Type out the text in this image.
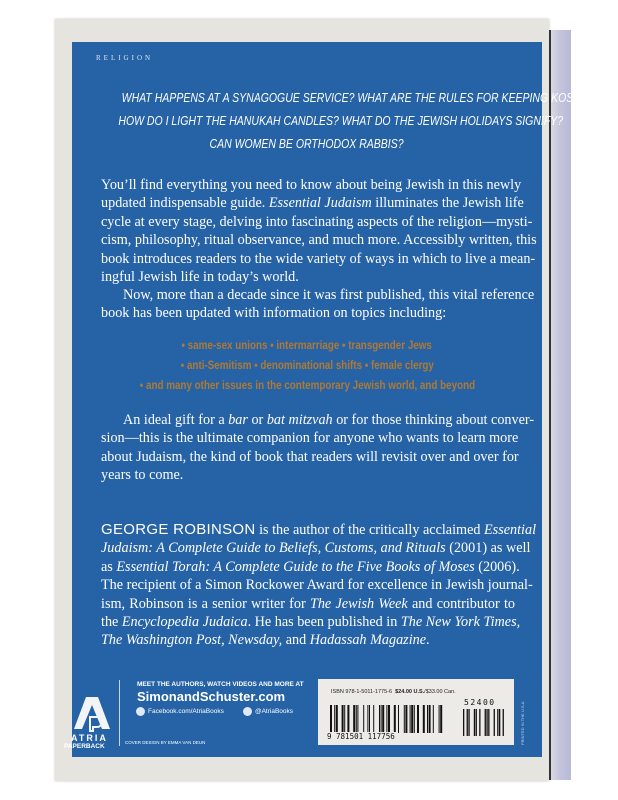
RELIGION
WHAT HAPPENS AT A SYNAGOGUE SERVICE? WHAT ARE THE RULES FOR KEEPING KOSHER?
HOW DO I LIGHT THE HANUKAH CANDLES? WHAT DO THE JEWISH HOLIDAYS SIGNIFY?
CAN WOMEN BE ORTHODOX RABBIS?
You’ll find everything you need to know about being Jewish in this newly
updated indispensable guide. Essential Judaism illuminates the Jewish life
cycle at every stage, delving into fascinating aspects of the religion—mysti-
cism, philosophy, ritual observance, and much more. Accessibly written, this
book introduces readers to the wide variety of ways in which to live a mean-
ingful Jewish life in today’s world.
Now, more than a decade since it was first published, this vital reference
book has been updated with information on topics including:
An ideal gift for a bar or bat mitzvah or for those thinking about conver-
sion—this is the ultimate companion for anyone who wants to learn more
about Judaism, the kind of book that readers will revisit over and over for
years to come.
GEORGE ROBINSON is the author of the critically acclaimed Essential
Judaism: A Complete Guide to Beliefs, Customs, and Rituals (2001) as well
as Essential Torah: A Complete Guide to the Five Books of Moses (2006).
The recipient of a Simon Rockower Award for excellence in Jewish journal-
ism, Robinson is a senior writer for The Jewish Week and contributor to
the Encyclopedia Judaica. He has been published in The New York Times,
The Washington Post, Newsday, and Hadassah Magazine.
• same-sex unions • intermarriage • transgender Jews
• anti-Semitism • denominational shifts • female clergy
• and many other issues in the contemporary Jewish world, and beyond
ATRIA
PAPERBACK
MEET THE AUTHORS, WATCH VIDEOS AND MORE AT
SimonandSchuster.com
Facebook.com/AtriaBooks	@AtriaBooks
COVER DESIGN BY EMMA VAN DEUN
ISBN 978-1-5011-1775-6 $24.00 U.S./$33.00 Can.
52400
9 781501 117756	PRINTED IN THE U.S.A.
